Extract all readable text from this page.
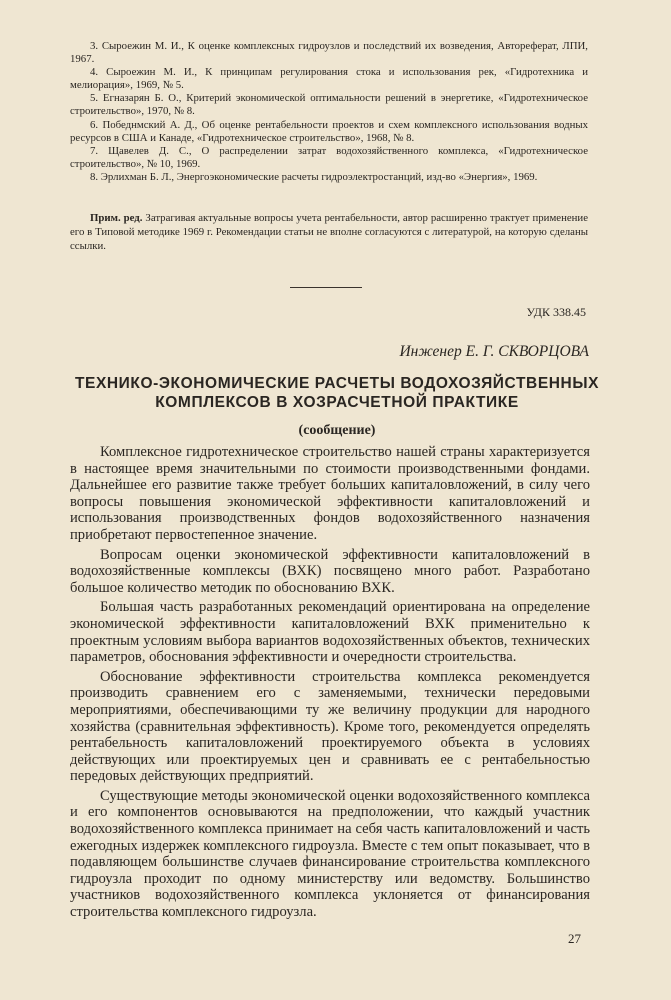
3. Сыроежин М. И., К оценке комплексных гидроузлов и последствий их возведения, Автореферат, ЛПИ, 1967.

4. Сыроежин М. И., К принципам регулирования стока и использования рек, «Гидротехника и мелиорация», 1969, № 5.

5. Егназарян Б. О., Критерий экономической оптимальности решений в энергетике, «Гидротехническое строительство», 1970, № 8.

6. Победнмский А. Д., Об оценке рентабельности проектов и схем комплексного использования водных ресурсов в США и Канаде, «Гидротехническое строительство», 1968, № 8.

7. Щавелев Д. С., О распределении затрат водохозяйственного комплекса, «Гидротехническое строительство», № 10, 1969.

8. Эрлихман Б. Л., Энергоэкономические расчеты гидроэлектростанций, изд-во «Энергия», 1969.

Прим. ред. Затрагивая актуальные вопросы учета рентабельности, автор расширенно трактует применение его в Типовой методике 1969 г. Рекомендации статьи не вполне согласуются с литературой, на которую сделаны ссылки.
УДК 338.45
Инженер Е. Г. СКВОРЦОВА
ТЕХНИКО-ЭКОНОМИЧЕСКИЕ РАСЧЕТЫ ВОДОХОЗЯЙСТВЕННЫХ
КОМПЛЕКСОВ В ХОЗРАСЧЕТНОЙ ПРАКТИКЕ
(сообщение)

Комплексное гидротехническое строительство нашей страны характеризуется в настоящее время значительными по стоимости производственными фондами. Дальнейшее его развитие также требует больших капиталовложений, в силу чего вопросы повышения экономической эффективности капиталовложений и использования производственных фондов водохозяйственного назначения приобретают первостепенное значение.

Вопросам оценки экономической эффективности капиталовложений в водохозяйственные комплексы (ВХК) посвящено много работ. Разработано большое количество методик по обоснованию ВХК.

Большая часть разработанных рекомендаций ориентирована на определение экономической эффективности капиталовложений ВХК применительно к проектным условиям выбора вариантов водохозяйственных объектов, технических параметров, обоснования эффективности и очередности строительства.

Обоснование эффективности строительства комплекса рекомендуется производить сравнением его с заменяемыми, технически передовыми мероприятиями, обеспечивающими ту же величину продукции для народного хозяйства (сравнительная эффективность). Кроме того, рекомендуется определять рентабельность капиталовложений проектируемого объекта в условиях действующих или проектируемых цен и сравнивать ее с рентабельностью передовых действующих предприятий.

Существующие методы экономической оценки водохозяйственного комплекса и его компонентов основываются на предположении, что каждый участник водохозяйственного комплекса принимает на себя часть капиталовложений и часть ежегодных издержек комплексного гидроузла. Вместе с тем опыт показывает, что в подавляющем большинстве случаев финансирование строительства комплексного гидроузла проходит по одному министерству или ведомству. Большинство участников водохозяйственного комплекса уклоняется от финансирования строительства комплексного гидроузла.

27
